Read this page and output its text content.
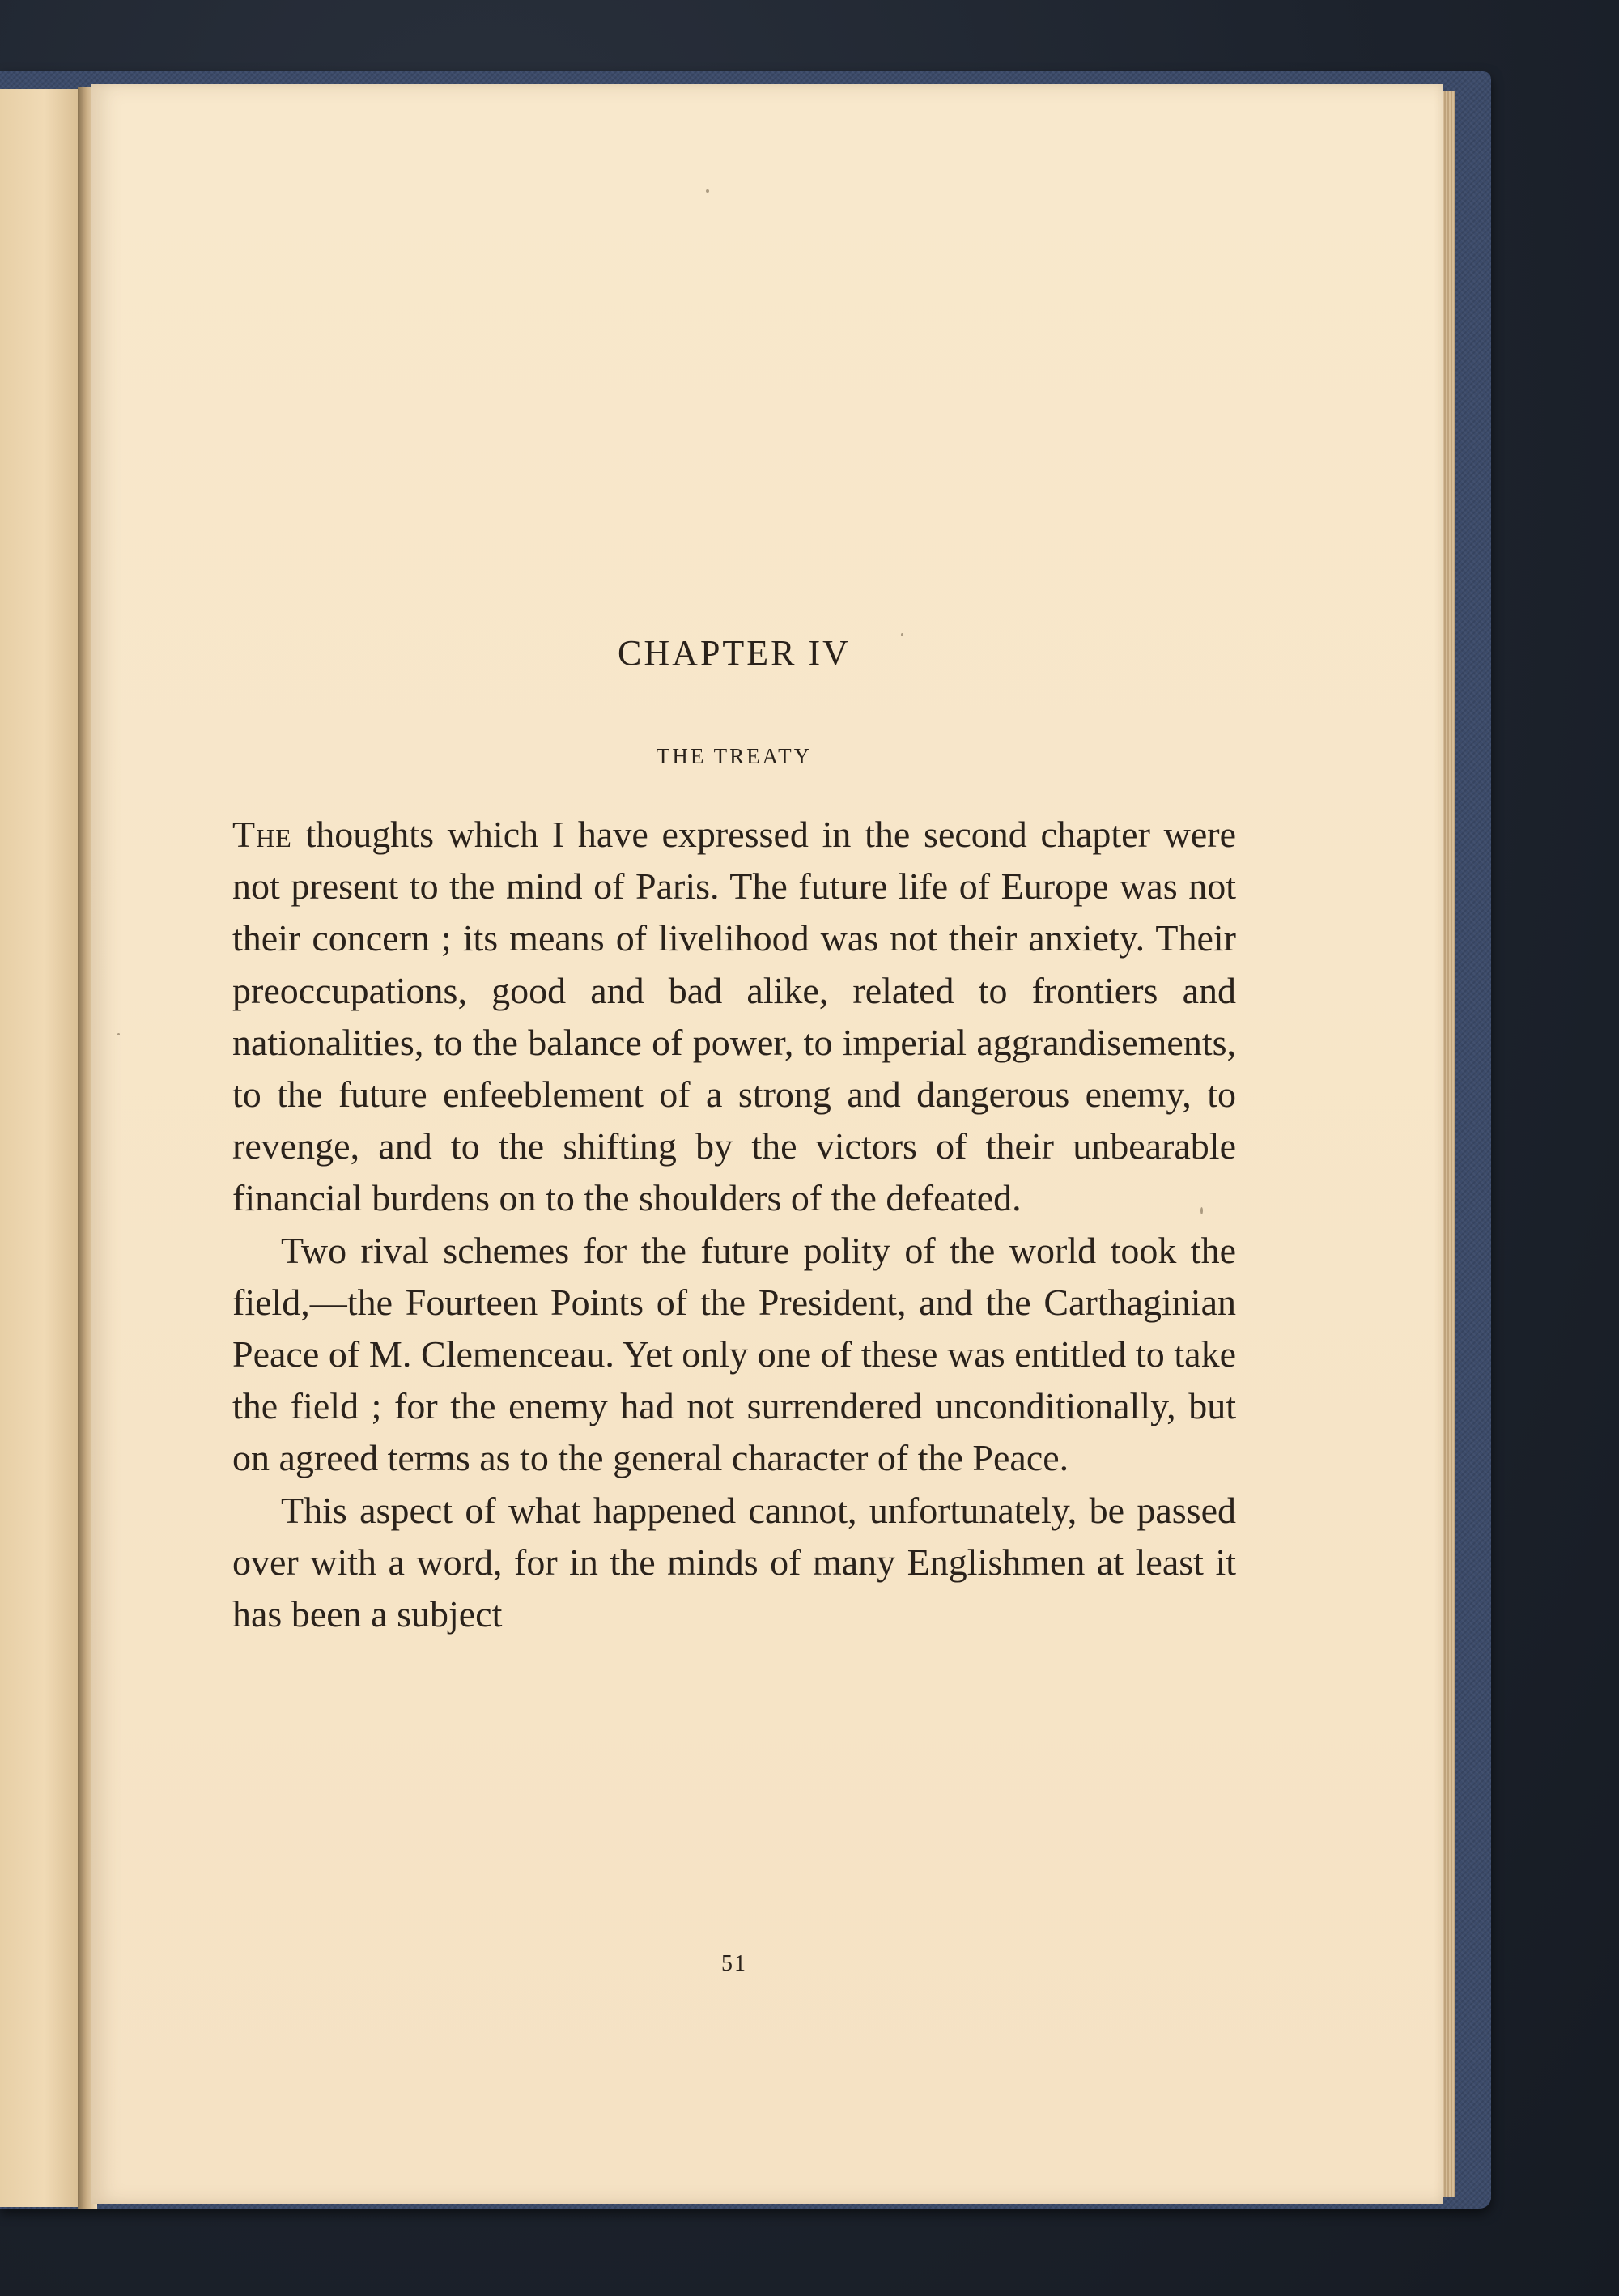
CHAPTER IV
THE TREATY

The thoughts which I have expressed in the second chapter were not present to the mind of Paris. The future life of Europe was not their concern ; its means of livelihood was not their anxiety. Their preoccupations, good and bad alike, related to frontiers and nationalities, to the balance of power, to imperial aggrandisements, to the future enfeeblement of a strong and dangerous enemy, to revenge, and to the shifting by the victors of their unbearable financial burdens on to the shoulders of the defeated.

Two rival schemes for the future polity of the world took the field,—the Fourteen Points of the President, and the Carthaginian Peace of M. Clemenceau. Yet only one of these was entitled to take the field ; for the enemy had not surrendered unconditionally, but on agreed terms as to the general character of the Peace.

This aspect of what happened cannot, unfortunately, be passed over with a word, for in the minds of many Englishmen at least it has been a subject

51
